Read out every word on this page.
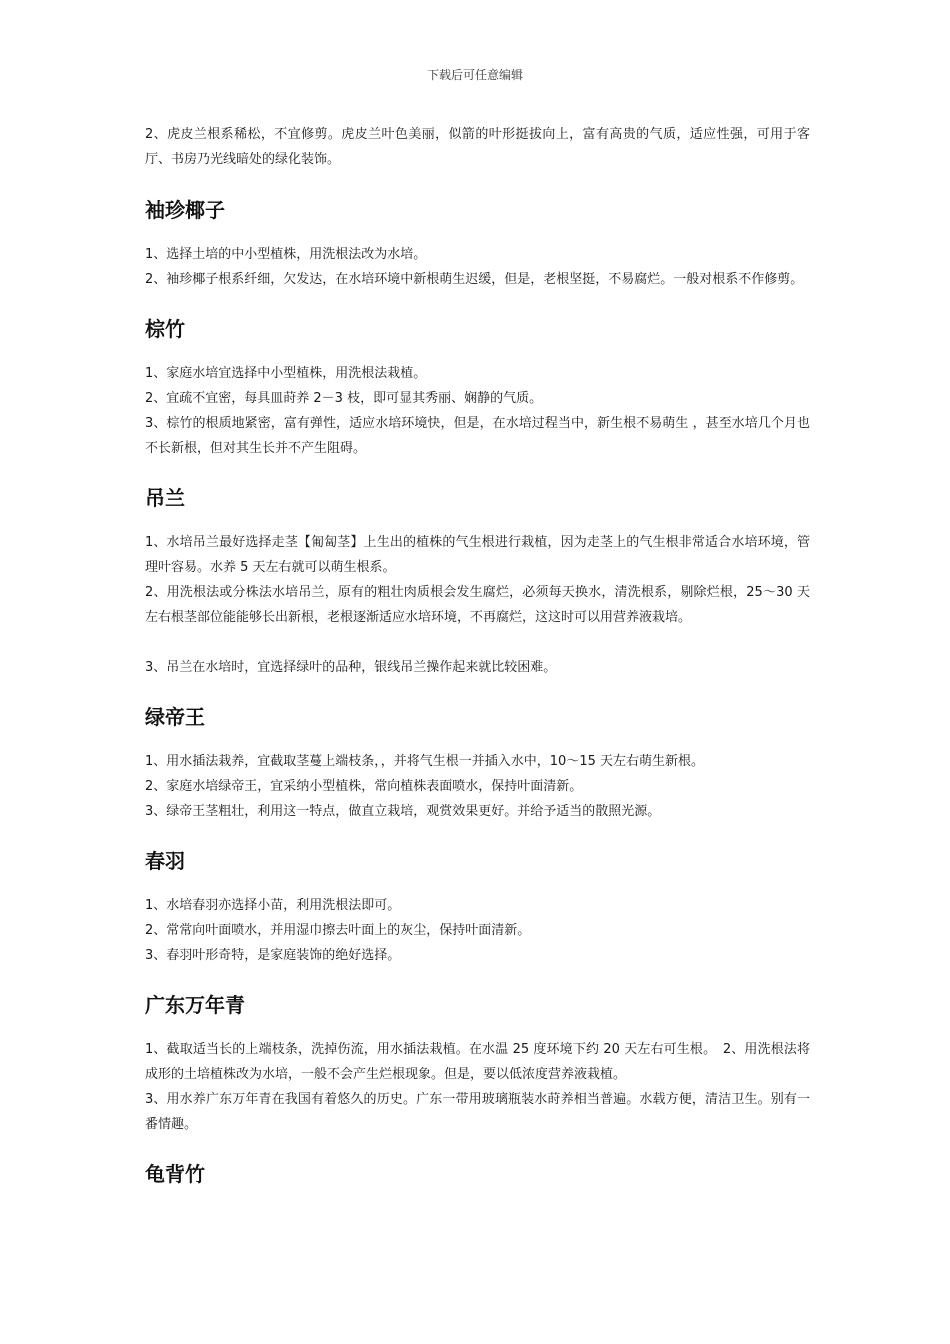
下载后可任意编辑

2、虎皮兰根系稀松，不宜修剪。虎皮兰叶色美丽，似箭的叶形挺拔向上，富有高贵的气质，适应性强，可用于客厅、书房乃光线暗处的绿化装饰。

袖珍椰子

1、选择土培的中小型植株，用洗根法改为水培。

2、袖珍椰子根系纤细，欠发达，在水培环境中新根萌生迟缓，但是，老根坚挺，不易腐烂。一般对根系不作修剪。

棕竹

1、家庭水培宜选择中小型植株，用洗根法栽植。

2、宜疏不宜密，每具皿莳养 2－3 枝，即可显其秀丽、娴静的气质。

3、棕竹的根质地紧密，富有弹性，适应水培环境快，但是，在水培过程当中，新生根不易萌生 ，甚至水培几个月也不长新根，但对其生长并不产生阻碍。

吊兰

1、水培吊兰最好选择走茎【匍匐茎】上生出的植株的气生根进行栽植，因为走茎上的气生根非常适合水培环境，管理叶容易。水养 5 天左右就可以萌生根系。

2、用洗根法或分株法水培吊兰，原有的粗壮肉质根会发生腐烂，必须每天换水，清洗根系，剔除烂根，25～30 天左右根茎部位能能够长出新根，老根逐渐适应水培环境，不再腐烂，这这时可以用营养液栽培。

3、吊兰在水培时，宜选择绿叶的品种，银线吊兰操作起来就比较困难。

绿帝王

1、用水插法栽养，宜截取茎蔓上端枝条，，并将气生根一并插入水中，10～15 天左右萌生新根。

2、家庭水培绿帝王，宜采纳小型植株，常向植株表面喷水，保持叶面清新。

3、绿帝王茎粗壮，利用这一特点，做直立栽培，观赏效果更好。并给予适当的散照光源。

春羽

1、水培春羽亦选择小苗，利用洗根法即可。

2、常常向叶面喷水，并用湿巾擦去叶面上的灰尘，保持叶面清新。

3、春羽叶形奇特，是家庭装饰的绝好选择。

广东万年青

1、截取适当长的上端枝条，洗掉伤流，用水插法栽植。在水温 25 度环境下约 20 天左右可生根。　2、用洗根法将成形的土培植株改为水培，一般不会产生烂根现象。但是，要以低浓度营养液栽植。

3、用水养广东万年青在我国有着悠久的历史。广东一带用玻璃瓶装水莳养相当普遍。水载方便，清洁卫生。别有一番情趣。

龟背竹
